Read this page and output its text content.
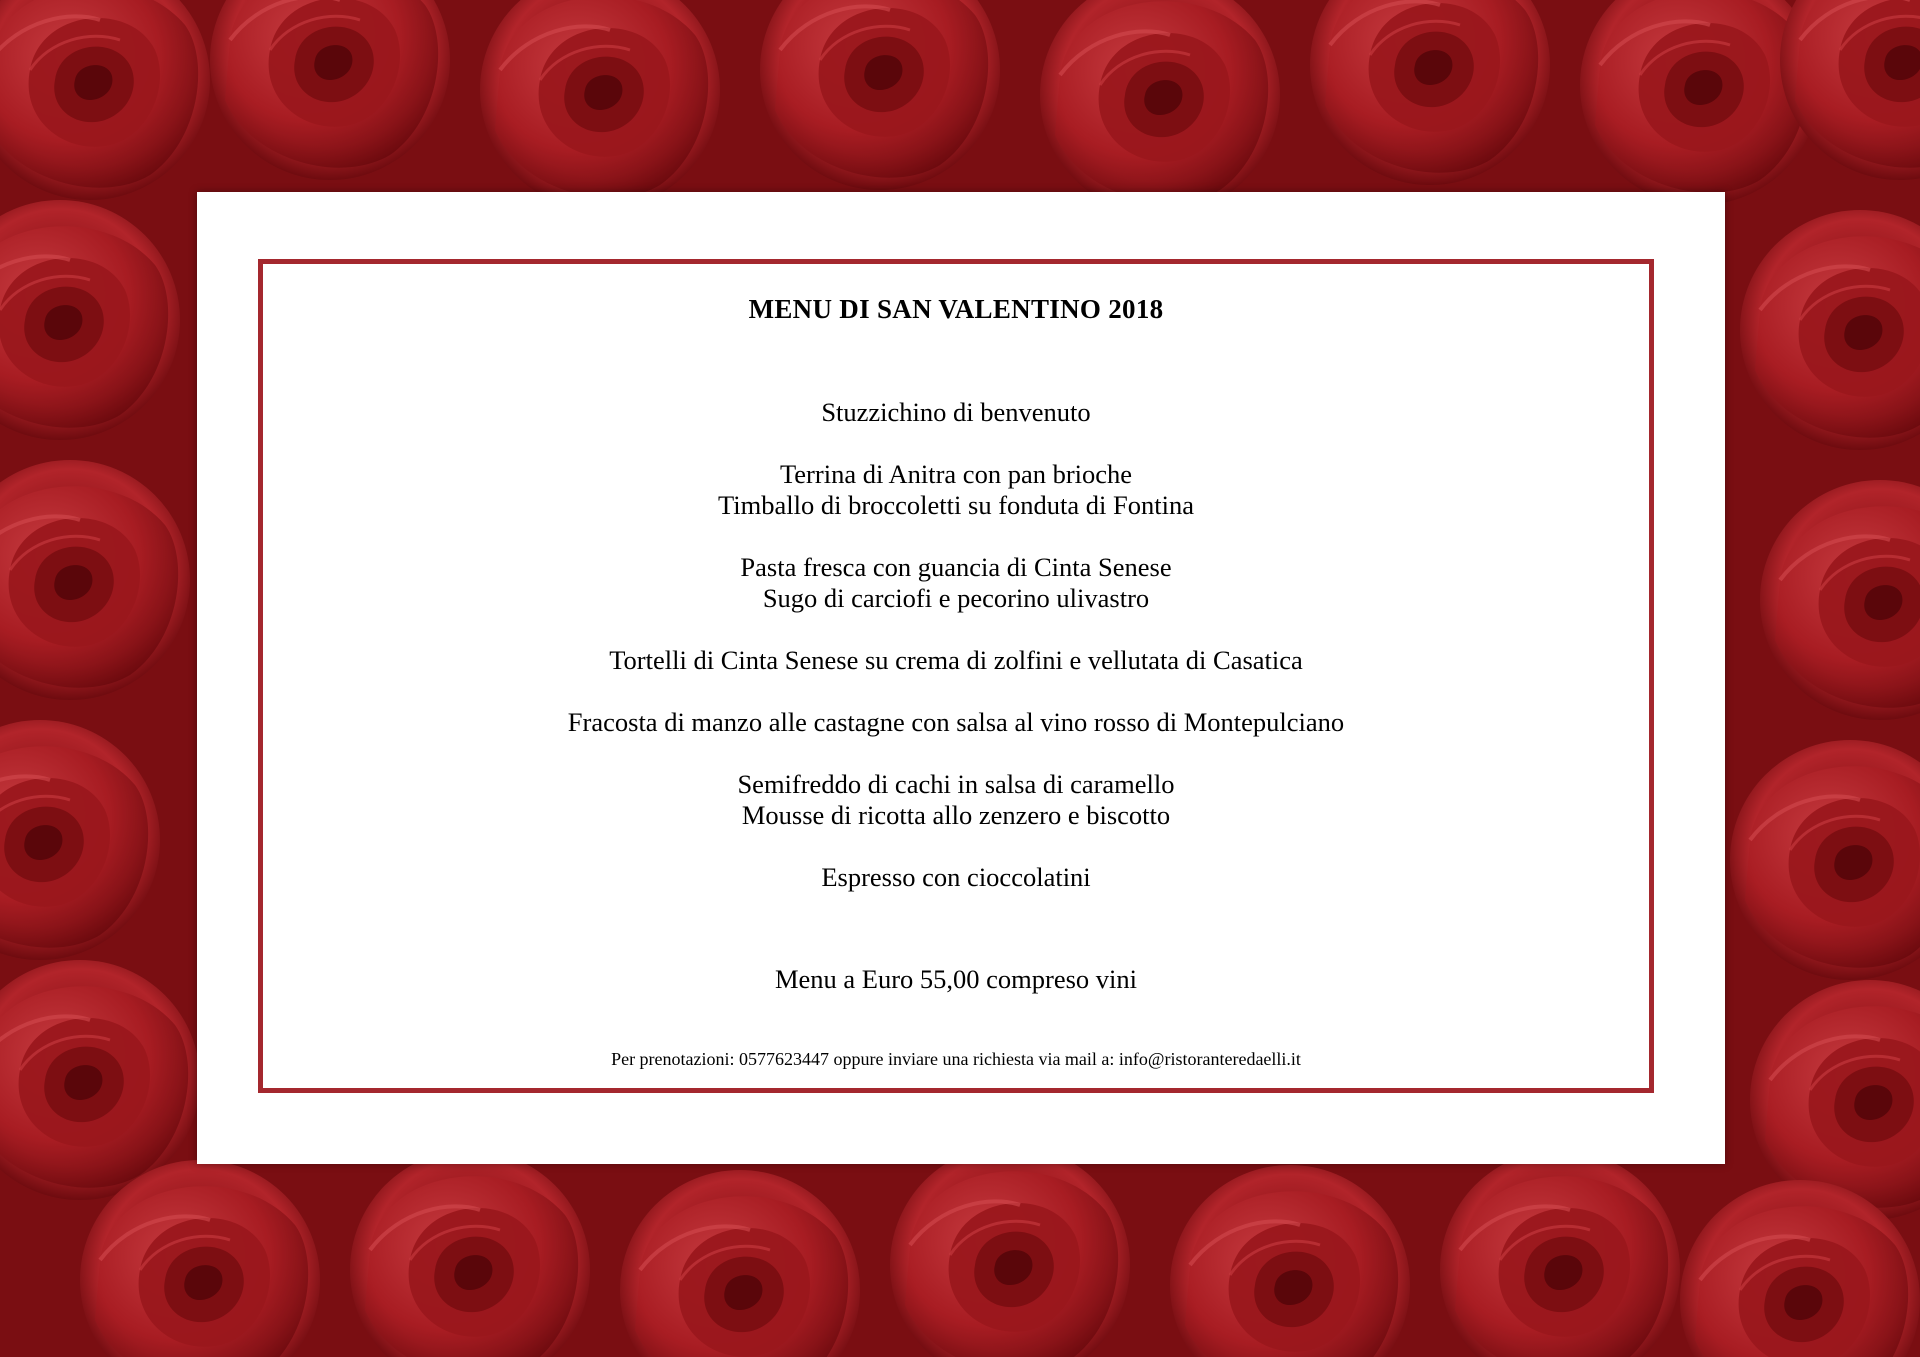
MENU DI SAN VALENTINO 2018
Stuzzichino di benvenuto
Terrina di Anitra con pan brioche
Timballo di broccoletti su fonduta di Fontina
Pasta fresca con guancia di Cinta Senese
Sugo di carciofi e pecorino ulivastro
Tortelli di Cinta Senese su crema di zolfini e vellutata di Casatica
Fracosta di manzo alle castagne con salsa al vino rosso di Montepulciano
Semifreddo di cachi in salsa di caramello
Mousse di ricotta allo zenzero e biscotto
Espresso con cioccolatini
Menu a Euro 55,00 compreso vini
Per prenotazioni: 0577623447 oppure inviare una richiesta via mail a: info@ristoranteredaelli.it
